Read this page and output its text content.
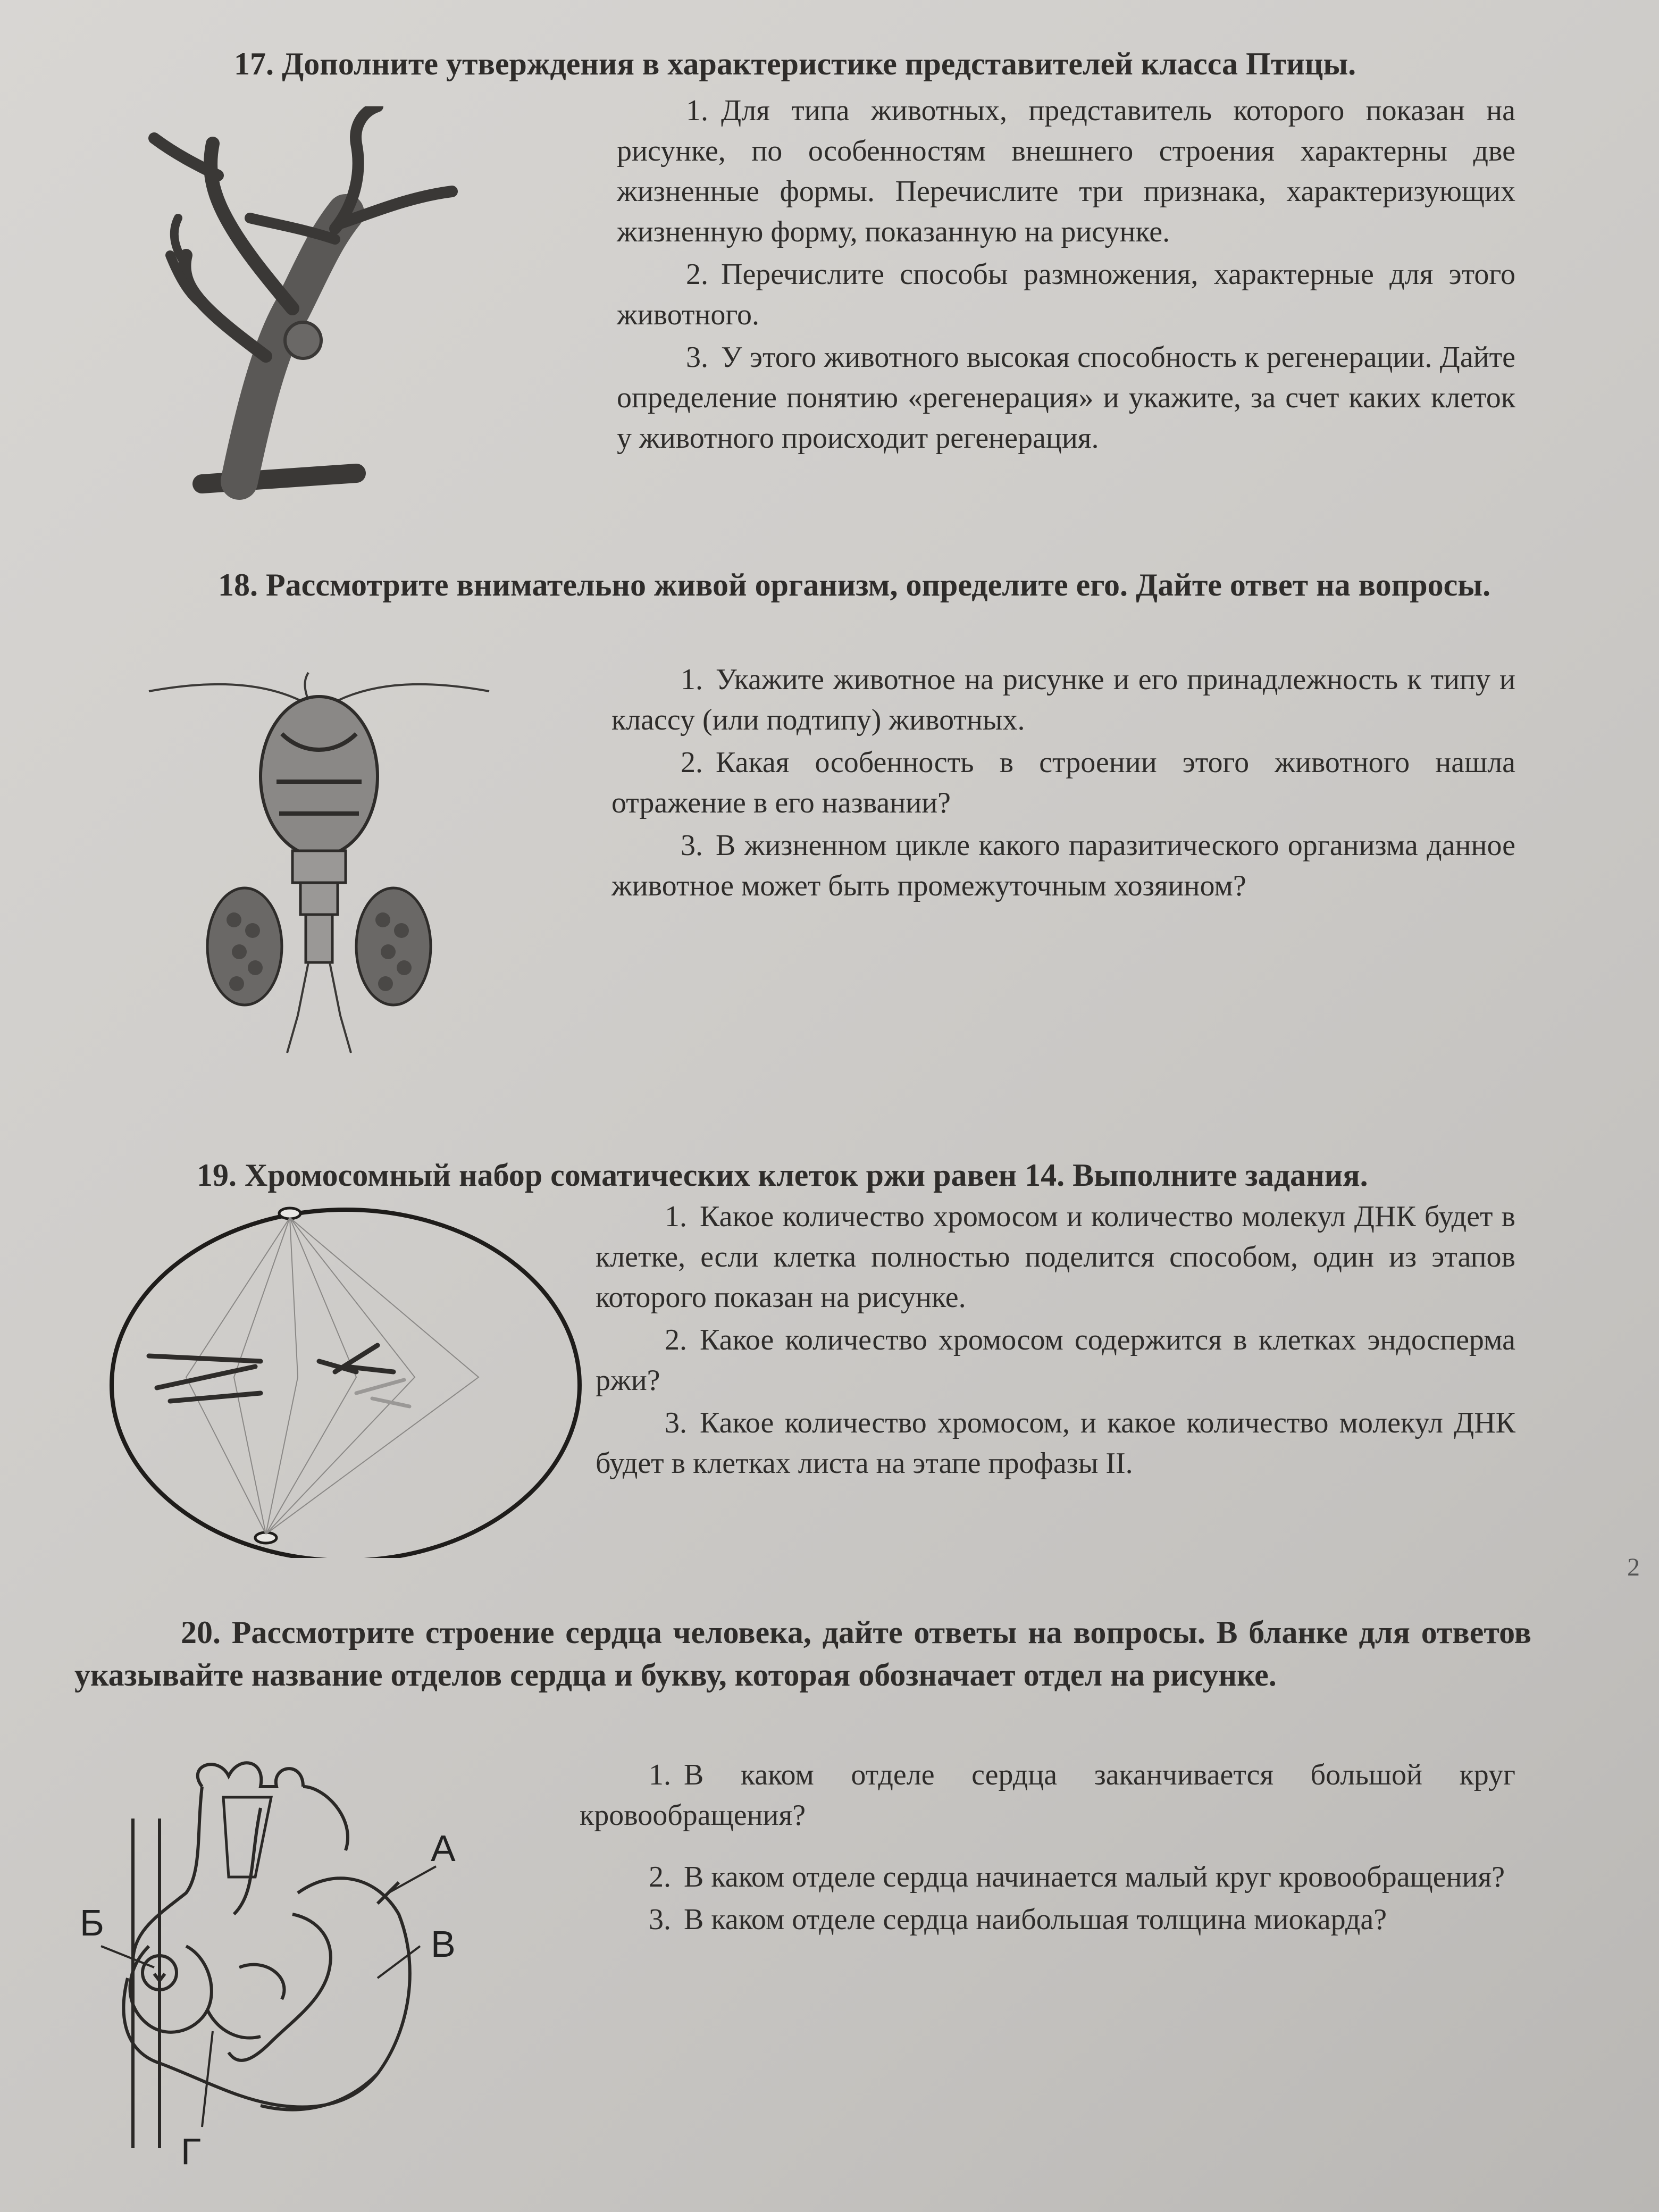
17. Дополните утверждения в характеристике представителей класса Птицы.

1. Для типа животных, представитель которого показан на рисунке, по особенностям внешнего строения характерны две жизненные формы. Перечислите три признака, характеризующих жизненную форму, показанную на рисунке.
2. Перечислите способы размножения, характерные для этого животного.
3. У этого животного высокая способность к регенерации. Дайте определение понятию «регенерация» и укажите, за счет каких клеток у животного происходит регенерация.

18. Рассмотрите внимательно живой организм, определите его. Дайте ответ на вопросы.

1. Укажите животное на рисунке и его принадлежность к типу и классу (или подтипу) животных.
2. Какая особенность в строении этого животного нашла отражение в его названии?
3. В жизненном цикле какого паразитического организма данное животное может быть промежуточным хозяином?

19. Хромосомный набор соматических клеток ржи равен 14. Выполните задания.

1. Какое количество хромосом и количество молекул ДНК будет в клетке, если клетка полностью поделится способом, один из этапов которого показан на рисунке.
2. Какое количество хромосом содержится в клетках эндосперма ржи?
3. Какое количество хромосом, и какое количество молекул ДНК будет в клетках листа на этапе профазы II.
2

20. Рассмотрите строение сердца человека, дайте ответы на вопросы. В бланке для ответов указывайте название отделов сердца и букву, которая обозначает отдел на рисунке.

А
В
Б
Г
1. В каком отделе сердца заканчивается большой круг кровообращения?
2. В каком отделе сердца начинается малый круг кровообращения?
3. В каком отделе сердца наибольшая толщина миокарда?
